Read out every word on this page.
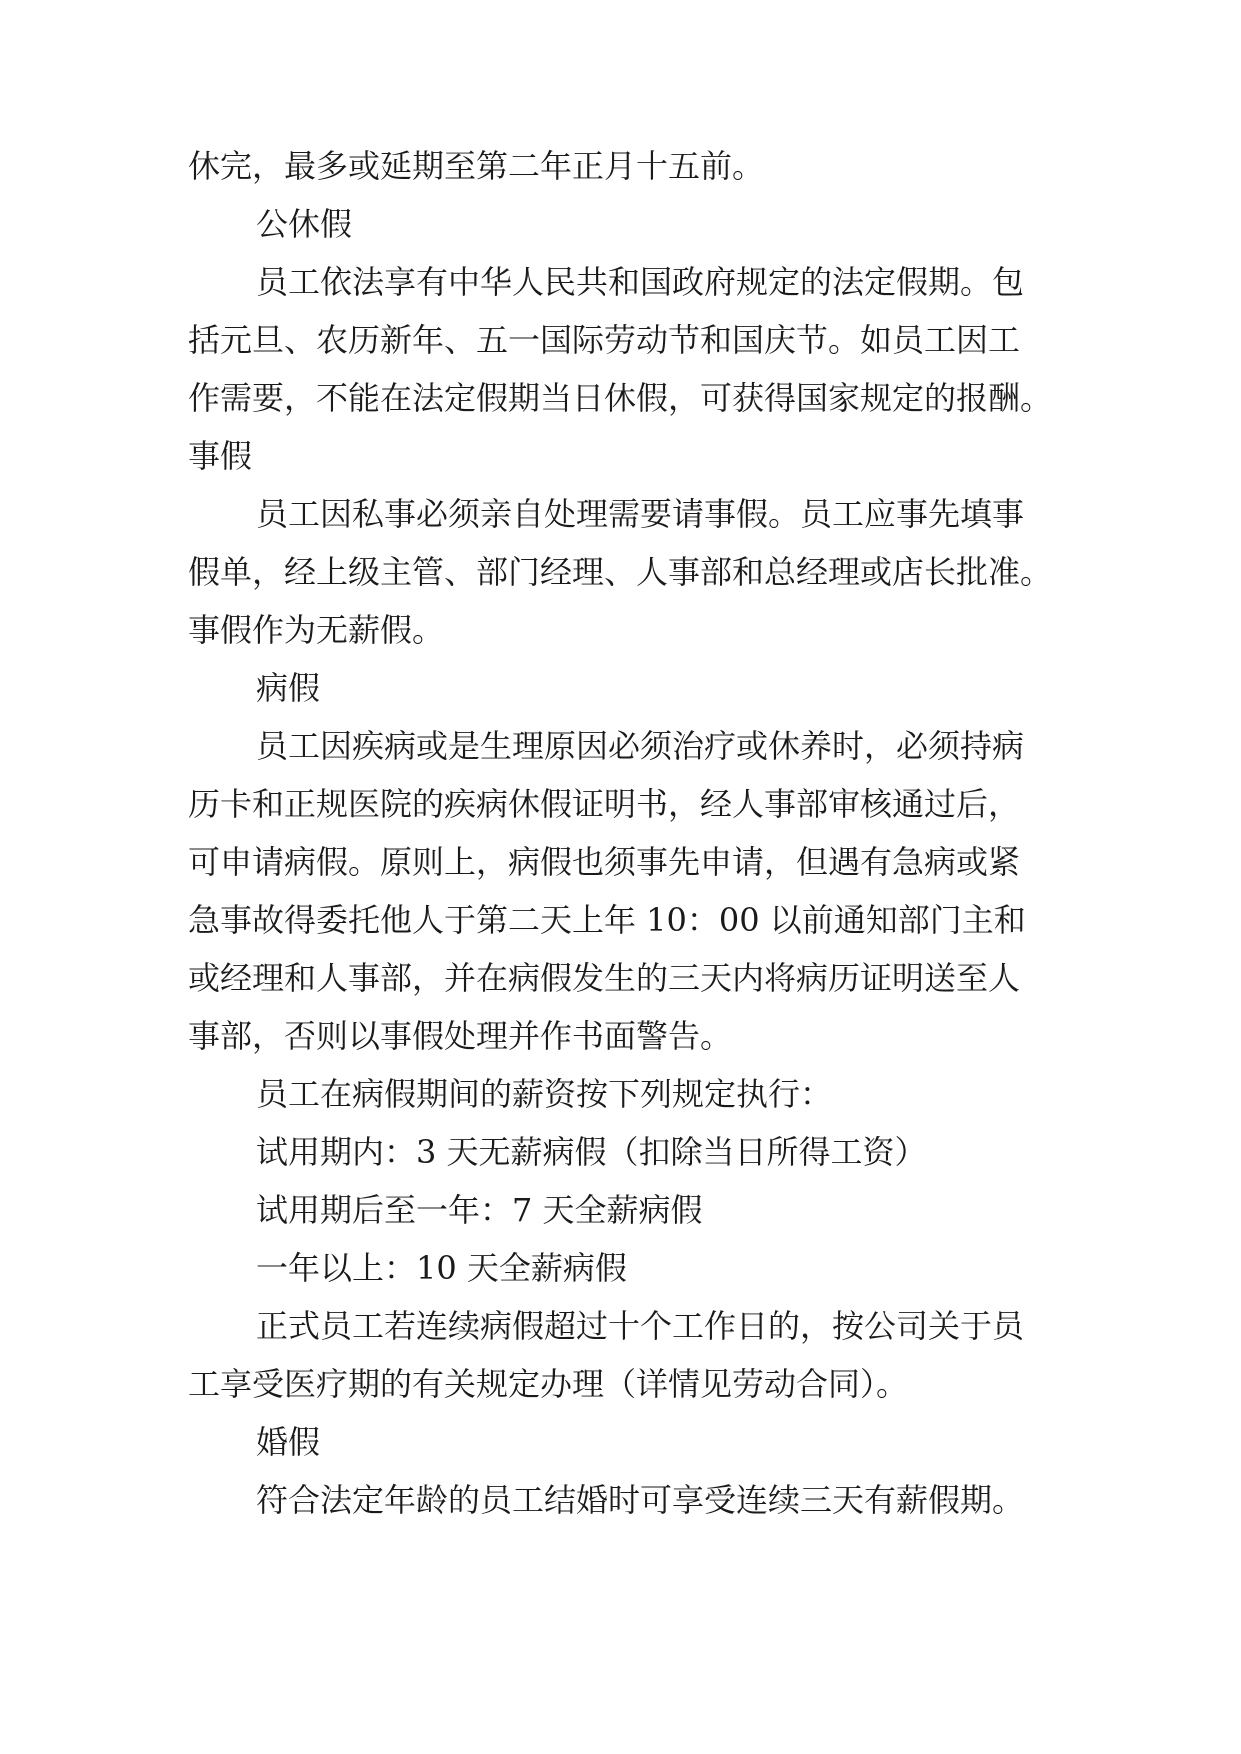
休完，最多或延期至第二年正月十五前。
公休假
员工依法享有中华人民共和国政府规定的法定假期。包
括元旦、农历新年、五一国际劳动节和国庆节。如员工因工
作需要，不能在法定假期当日休假，可获得国家规定的报酬。
事假
员工因私事必须亲自处理需要请事假。员工应事先填事
假单，经上级主管、部门经理、人事部和总经理或店长批准。
事假作为无薪假。
病假
员工因疾病或是生理原因必须治疗或休养时，必须持病
历卡和正规医院的疾病休假证明书，经人事部审核通过后，
可申请病假。原则上，病假也须事先申请，但遇有急病或紧
急事故得委托他人于第二天上年 10：00 以前通知部门主和
或经理和人事部，并在病假发生的三天内将病历证明送至人
事部，否则以事假处理并作书面警告。
员工在病假期间的薪资按下列规定执行：
试用期内：3 天无薪病假（扣除当日所得工资）
试用期后至一年：7 天全薪病假
一年以上：10 天全薪病假
正式员工若连续病假超过十个工作日的，按公司关于员
工享受医疗期的有关规定办理（详情见劳动合同）。
婚假
符合法定年龄的员工结婚时可享受连续三天有薪假期。
